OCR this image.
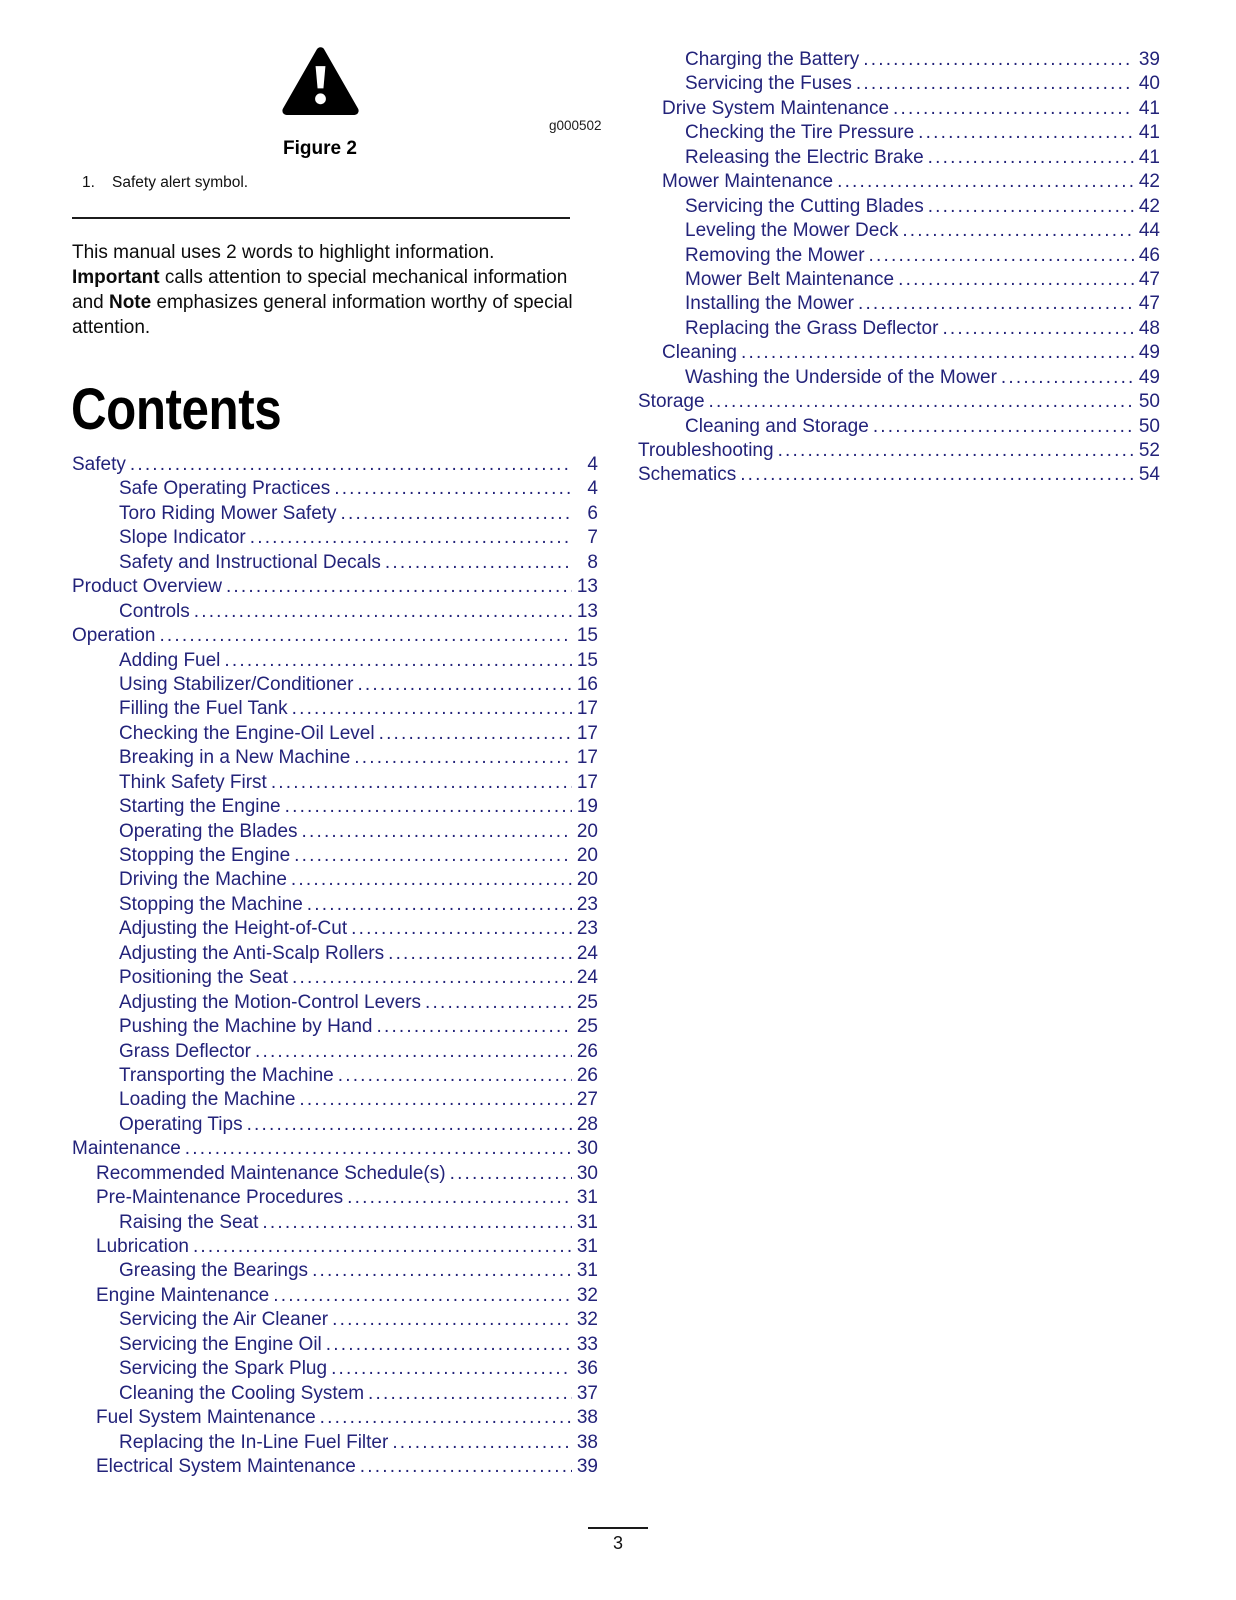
Figure 2
g000502
1. Safety alert symbol.

This manual uses 2 words to highlight information. Important calls attention to special mechanical information and Note emphasizes general information worthy of special attention.

Contents
Safety .....	4
Safe Operating Practices .....	4
Toro Riding Mower Safety .....	6
Slope Indicator .....	7
Safety and Instructional Decals .....	8
Product Overview .....	13
Controls .....	13
Operation .....	15
Adding Fuel .....	15
Using Stabilizer/Conditioner .....	16
Filling the Fuel Tank .....	17
Checking the Engine-Oil Level .....	17
Breaking in a New Machine .....	17
Think Safety First .....	17
Starting the Engine .....	19
Operating the Blades .....	20
Stopping the Engine .....	20
Driving the Machine .....	20
Stopping the Machine .....	23
Adjusting the Height-of-Cut .....	23
Adjusting the Anti-Scalp Rollers .....	24
Positioning the Seat .....	24
Adjusting the Motion-Control Levers .....	25
Pushing the Machine by Hand .....	25
Grass Deflector .....	26
Transporting the Machine .....	26
Loading the Machine .....	27
Operating Tips .....	28
Maintenance .....	30
Recommended Maintenance Schedule(s) .....	30
Pre-Maintenance Procedures .....	31
Raising the Seat .....	31
Lubrication .....	31
Greasing the Bearings .....	31
Engine Maintenance .....	32
Servicing the Air Cleaner .....	32
Servicing the Engine Oil .....	33
Servicing the Spark Plug .....	36
Cleaning the Cooling System .....	37
Fuel System Maintenance .....	38
Replacing the In-Line Fuel Filter .....	38
Electrical System Maintenance .....	39
Charging the Battery .....	39
Servicing the Fuses .....	40
Drive System Maintenance .....	41
Checking the Tire Pressure .....	41
Releasing the Electric Brake .....	41
Mower Maintenance .....	42
Servicing the Cutting Blades .....	42
Leveling the Mower Deck .....	44
Removing the Mower .....	46
Mower Belt Maintenance .....	47
Installing the Mower .....	47
Replacing the Grass Deflector .....	48
Cleaning .....	49
Washing the Underside of the Mower .....	49
Storage .....	50
Cleaning and Storage .....	50
Troubleshooting .....	52
Schematics .....	54
3
